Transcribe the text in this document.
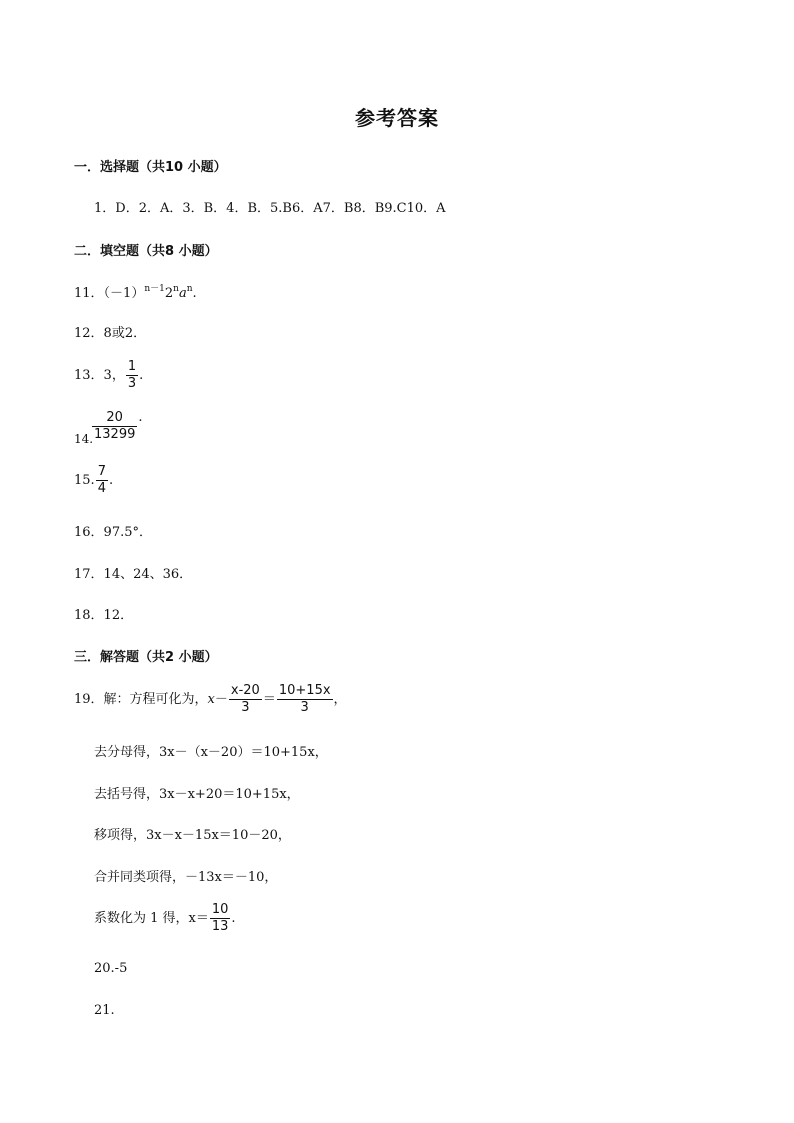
参考答案
一．选择题（共10 小题）
1．D．2．A．3．B．4．B．5.B6．A7．B8．B9.C10．A
二．填空题（共8 小题）
11．$(-1)^{n-1}2^na^n$.
12．8或2．
13．3， $\frac{1}{3}$ .
$\frac{20}{13299}$ .
14.
15. $\frac{7}{4}$ .
16．97.5°．
17．14、24、36．
18．12．
三．解答题（共2 小题）
19．解：方程可化为，$x- \frac{x-20}{3} = \frac{10+15x}{3}$ ，
去分母得，3x－（x－20）＝10+15x，
去括号得，3x－x+20＝10+15x，
移项得，3x－x－15x＝10－20，
合并同类项得，－13x＝－10，
系数化为 1 得，$x= \frac{10}{13}$ .
20.-5
21.
